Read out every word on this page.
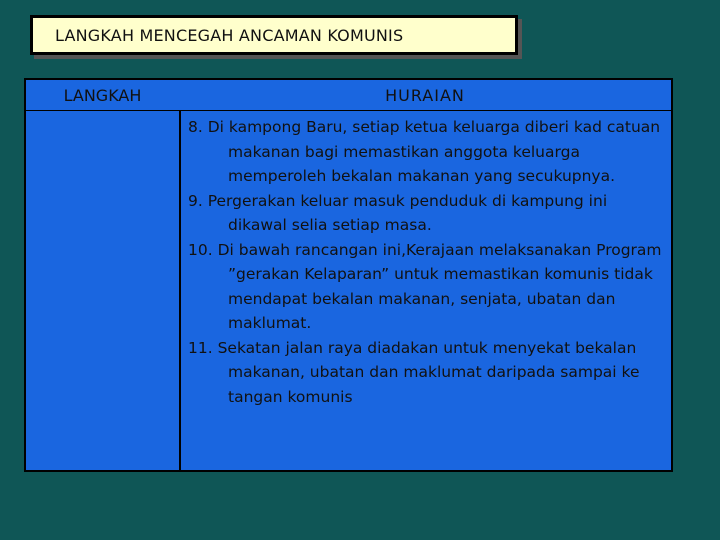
LANGKAH MENCEGAH ANCAMAN KOMUNIS
LANGKAH	HURAIAN

8. Di kampong Baru, setiap ketua keluarga diberi kad catuan makanan bagi memastikan anggota keluarga memperoleh bekalan makanan yang secukupnya.

9. Pergerakan keluar masuk penduduk di kampung ini dikawal selia setiap masa.

10. Di bawah rancangan ini,Kerajaan melaksanakan Program ”gerakan Kelaparan” untuk memastikan komunis tidak mendapat bekalan makanan, senjata, ubatan dan maklumat.

11. Sekatan jalan raya diadakan untuk menyekat bekalan makanan, ubatan dan maklumat daripada sampai ke tangan komunis
